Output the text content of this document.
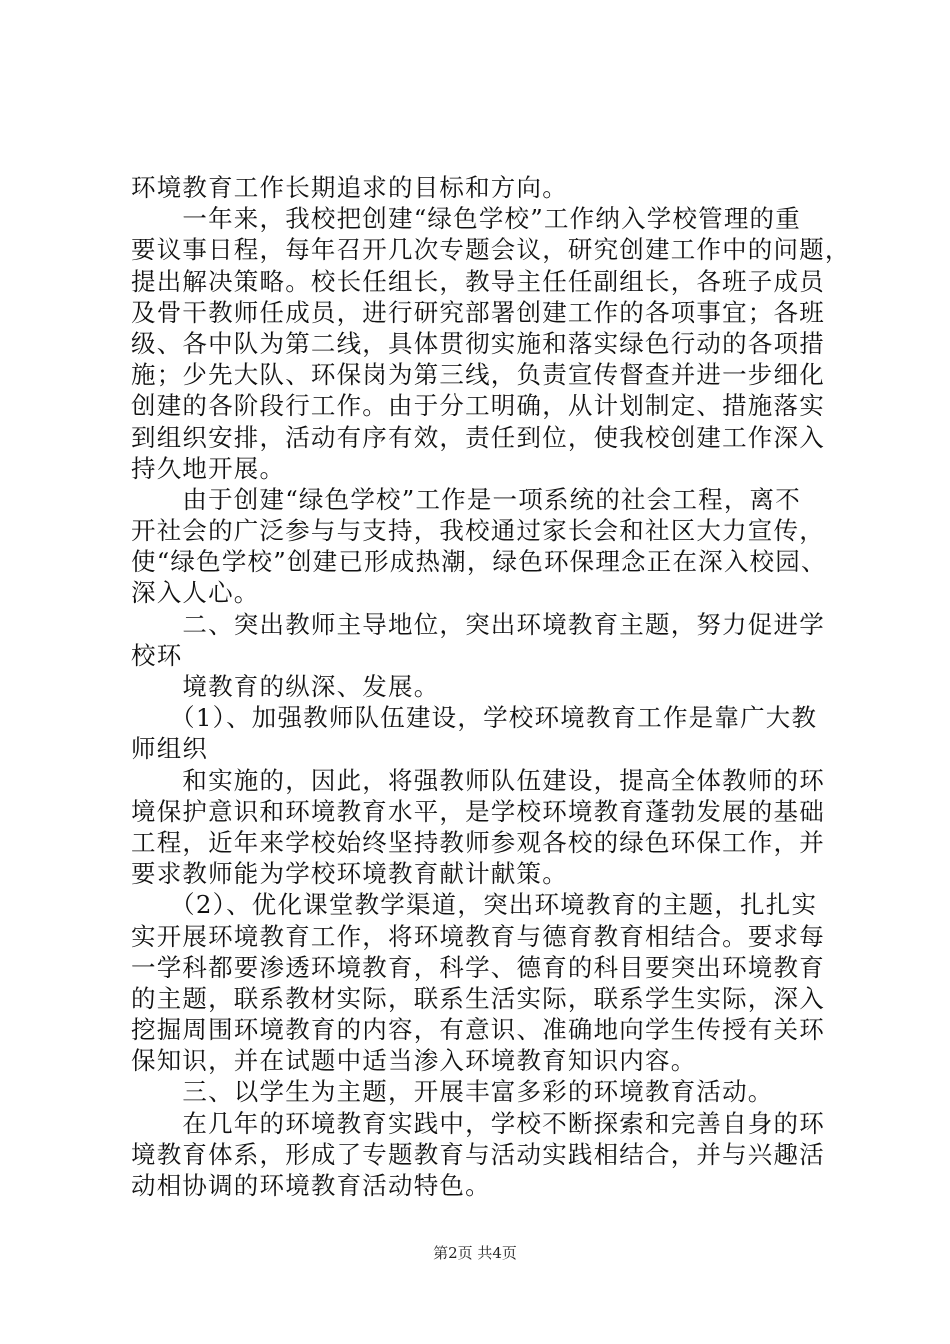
环境教育工作长期追求的目标和方向。
　　一年来，我校把创建“绿色学校”工作纳入学校管理的重
要议事日程，每年召开几次专题会议，研究创建工作中的问题，
提出解决策略。校长任组长，教导主任任副组长，各班子成员
及骨干教师任成员，进行研究部署创建工作的各项事宜；各班
级、各中队为第二线，具体贯彻实施和落实绿色行动的各项措
施；少先大队、环保岗为第三线，负责宣传督查并进一步细化
创建的各阶段行工作。由于分工明确，从计划制定、措施落实
到组织安排，活动有序有效，责任到位，使我校创建工作深入
持久地开展。
　　由于创建“绿色学校”工作是一项系统的社会工程，离不
开社会的广泛参与与支持，我校通过家长会和社区大力宣传，
使“绿色学校”创建已形成热潮，绿色环保理念正在深入校园、
深入人心。
　　二、突出教师主导地位，突出环境教育主题，努力促进学
校环
　　境教育的纵深、发展。
　　（1）、加强教师队伍建设，学校环境教育工作是靠广大教
师组织
　　和实施的，因此，将强教师队伍建设，提高全体教师的环
境保护意识和环境教育水平，是学校环境教育蓬勃发展的基础
工程，近年来学校始终坚持教师参观各校的绿色环保工作，并
要求教师能为学校环境教育献计献策。
　　（2）、优化课堂教学渠道，突出环境教育的主题，扎扎实
实开展环境教育工作，将环境教育与德育教育相结合。要求每
一学科都要渗透环境教育，科学、德育的科目要突出环境教育
的主题，联系教材实际，联系生活实际，联系学生实际，深入
挖掘周围环境教育的内容，有意识、准确地向学生传授有关环
保知识，并在试题中适当渗入环境教育知识内容。
　　三、以学生为主题，开展丰富多彩的环境教育活动。
　　在几年的环境教育实践中，学校不断探索和完善自身的环
境教育体系，形成了专题教育与活动实践相结合，并与兴趣活
动相协调的环境教育活动特色。
第2页 共4页
